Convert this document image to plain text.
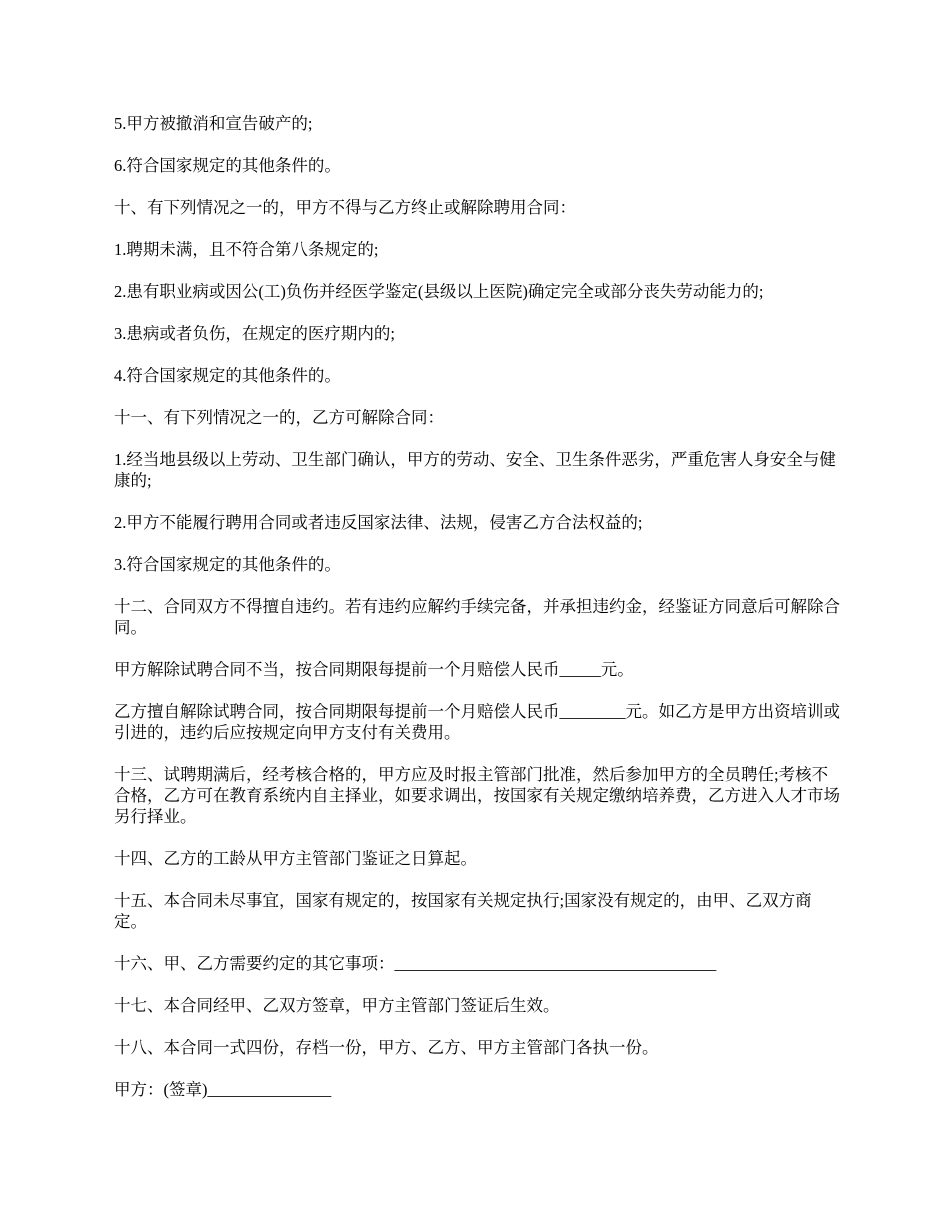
5.甲方被撤消和宣告破产的;

6.符合国家规定的其他条件的。

十、有下列情况之一的，甲方不得与乙方终止或解除聘用合同：

1.聘期未满，且不符合第八条规定的;

2.患有职业病或因公(工)负伤并经医学鉴定(县级以上医院)确定完全或部分丧失劳动能力的;

3.患病或者负伤，在规定的医疗期内的;

4.符合国家规定的其他条件的。

十一、有下列情况之一的，乙方可解除合同：

1.经当地县级以上劳动、卫生部门确认，甲方的劳动、安全、卫生条件恶劣，严重危害人身安全与健康的;

2.甲方不能履行聘用合同或者违反国家法律、法规，侵害乙方合法权益的;

3.符合国家规定的其他条件的。

十二、合同双方不得擅自违约。若有违约应解约手续完备，并承担违约金，经鉴证方同意后可解除合同。

甲方解除试聘合同不当，按合同期限每提前一个月赔偿人民币_____元。

乙方擅自解除试聘合同，按合同期限每提前一个月赔偿人民币________元。如乙方是甲方出资培训或引进的，违约后应按规定向甲方支付有关费用。

十三、试聘期满后，经考核合格的，甲方应及时报主管部门批准，然后参加甲方的全员聘任;考核不合格，乙方可在教育系统内自主择业，如要求调出，按国家有关规定缴纳培养费，乙方进入人才市场另行择业。

十四、乙方的工龄从甲方主管部门鉴证之日算起。

十五、本合同未尽事宜，国家有规定的，按国家有关规定执行;国家没有规定的，由甲、乙双方商定。

十六、甲、乙方需要约定的其它事项：_______________________________________

十七、本合同经甲、乙双方签章，甲方主管部门签证后生效。

十八、本合同一式四份，存档一份，甲方、乙方、甲方主管部门各执一份。

甲方：(签章)_______________
